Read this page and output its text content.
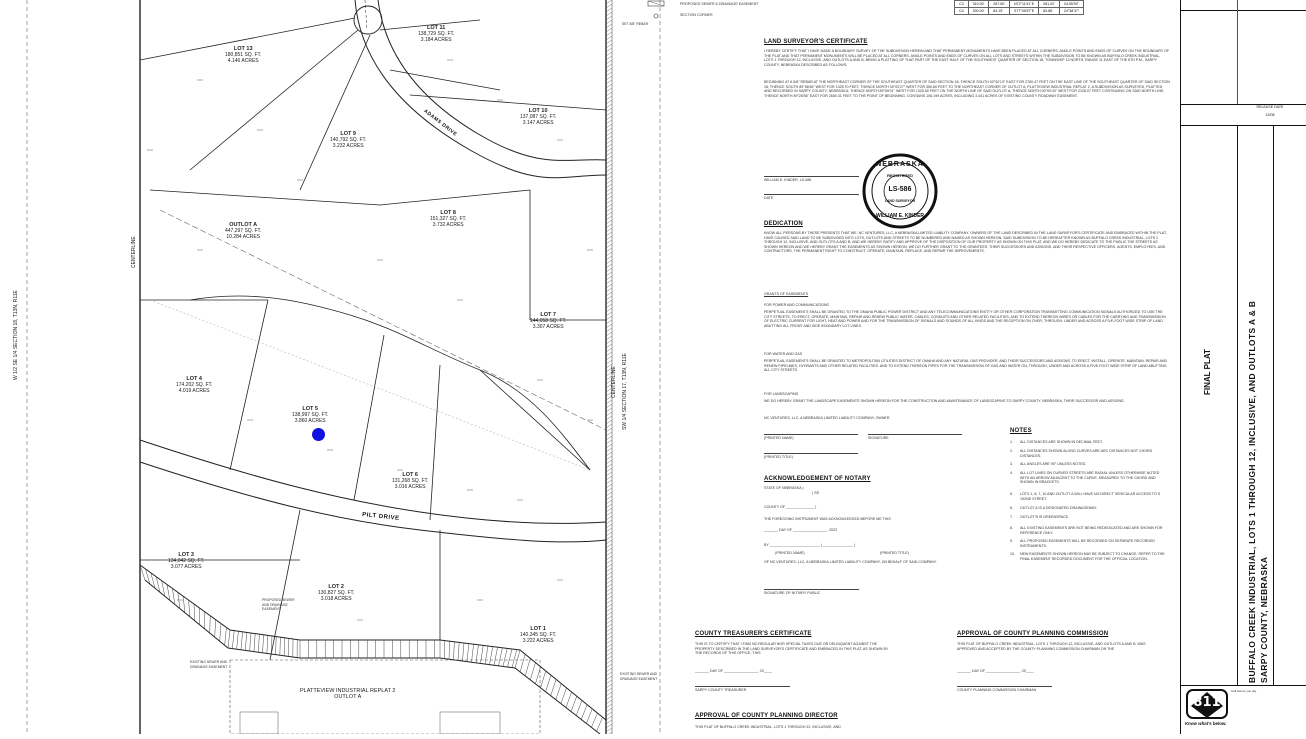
LOT 11
138,729 SQ. FT.
3.184 ACRES
LOT 13
180,851 SQ. FT.
4.146 ACRES
LOT 10
137,087 SQ. FT.
3.147 ACRES
LOT 9
140,792 SQ. FT.
3.232 ACRES
OUTLOT A
447,297 SQ. FT.
10.284 ACRES
LOT 8
151,327 SQ. FT.
3.732 ACRES
LOT 7
144,058 SQ. FT.
3.307 ACRES
LOT 4
174,202 SQ. FT.
4.019 ACRES
LOT 5
138,997 SQ. FT.
3.860 ACRES
LOT 6
131,268 SQ. FT.
3.016 ACRES
LOT 3
134,042 SQ. FT.
3.077 ACRES
LOT 2
130,827 SQ. FT.
3.018 ACRES
LOT 1
140,345 SQ. FT.
3.222 ACRES
PILT DRIVE
ADAMS DRIVE
PLATTEVIEW INDUSTRIAL REPLAT 2
OUTLOT A
W 1/2 SE 1/4 SECTION 18, T13N, R11E
SW 1/4 SECTION 17, T13N, R11E
CENTERLINE
CENTERLINE
SET 5/8" REBAR
PROPOSED SEWER AND DRAINAGE EASEMENT
EXISTING SEWER AND DRAINAGE EASEMENT
EXISTING SEWER AND DRAINAGE EASEMENT
PROPOSED SEWER & DRAINAGE EASEMENT
SECTION CORNER
C3	310.00'	287.60'	N72°11'41"E	281.02'	24.55'39"
C4	300.00'	84.15'	S77°06'57"E	83.88'	24°38'37"
LAND SURVEYOR'S CERTIFICATE
I HEREBY CERTIFY THAT I HAVE MADE A BOUNDARY SURVEY OF THE SUBDIVISION HEREIN AND THAT PERMANENT MONUMENTS HAVE BEEN PLACED AT ALL CORNERS, ANGLE POINTS AND ENDS OF CURVES ON THE BOUNDARY OF THE PLAT AND THAT PERMANENT MONUMENTS WILL BE PLACED AT ALL CORNERS, ANGLE POINTS AND ENDS OF CURVES ON ALL LOTS AND STREETS WITHIN THE SUBDIVISION TO BE KNOWN AS BUFFALO CREEK INDUSTRIAL, LOTS 1 THROUGH 12, INCLUSIVE, AND OUTLOTS A AND B, BEING A PLATTING OF THAT PART OF THE EAST HALF OF THE SOUTHWEST QUARTER OF SECTION 18, TOWNSHIP 13 NORTH, RANGE 11 EAST OF THE 6TH P.M., SARPY COUNTY, NEBRASKA DESCRIBED AS FOLLOWS:
BEGINNING AT A 5/8" REBAR AT THE NORTHEAST CORNER OF THE SOUTHEAST QUARTER OF SAID SECTION 18; THENCE SOUTH 00°00'13" EAST FOR 2780.47 FEET ON THE EAST LINE OF THE SOUTHEAST QUARTER OF SAID SECTION 18; THENCE SOUTH 89°58'46" WEST FOR 1325.70 FEET; THENCE NORTH 00°00'27" WEST FOR 350.80 FEET TO THE NORTHEAST CORNER OF OUTLOT A, PLATTEVIEW INDUSTRIAL REPLAT 2, A SUBDIVISION AS SURVEYED, PLATTED AND RECORDED IN SARPY COUNTY, NEBRASKA; THENCE NORTH 89°59'01" WEST FOR 1325.60 FEET ON THE NORTH LINE OF SAID OUTLOT A; THENCE NORTH 00°00'43" WEST FOR 2128.07 FEET CONTINUING ON SAID NORTH LINE; THENCE NORTH 89°28'56" EAST FOR 2650.31 FEET TO THE POINT OF BEGINNING. CONTAINS 106.199 ACRES, INCLUDING 3.441 ACRES OF EXISTING COUNTY ROADWAY EASEMENT.
WILLIAM E. KINDER, LS-586
DATE
NEBRASKA
REGISTERED
LS-586
LAND SURVEYOR
WILLIAM E. KINDER
DEDICATION
KNOW ALL PERSONS BY THESE PRESENTS THAT WE, NC VENTURES, LLC, A NEBRASKA LIMITED LIABILITY COMPANY, OWNERS OF THE LAND DESCRIBED IN THE LAND SURVEYOR'S CERTIFICATE AND EMBRACED WITHIN THE PLAT, HAVE CAUSED SAID LAND TO BE SUBDIVIDED INTO LOTS, OUTLOTS AND STREETS TO BE NUMBERED AND NAMED AS SHOWN HEREON, SAID SUBDIVISION TO BE HEREAFTER KNOWN AS BUFFALO CREEK INDUSTRIAL, LOTS 1 THROUGH 12, INCLUSIVE, AND OUTLOTS A AND B, AND WE HEREBY RATIFY AND APPROVE OF THE DISPOSITION OF OUR PROPERTY AS SHOWN ON THIS PLAT, AND WE DO HEREBY DEDICATE TO THE PUBLIC THE STREETS AS SHOWN HEREON AND WE HEREBY GRANT THE EASEMENTS AS SHOWN HEREON. WE DO FURTHER GRANT TO THE GRANTEES, THEIR SUCCESSORS AND ASSIGNS, AND THEIR RESPECTIVE OFFICERS, AGENTS, EMPLOYEES, AND CONTRACTORS, THE PERMANENT RIGHT TO CONSTRUCT, OPERATE, MAINTAIN, REPLACE, AND REPAIR THE IMPROVEMENTS.
GRANTS OF EASEMENTS
FOR POWER AND COMMUNICATIONS
PERPETUAL EASEMENTS SHALL BE GRANTED TO THE OMAHA PUBLIC POWER DISTRICT AND ANY TELECOMMUNICATIONS ENTITY OR OTHER CORPORATION TRANSMITTING COMMUNICATION SIGNALS AUTHORIZED TO USE THE CITY STREETS, TO ERECT, OPERATE, MAINTAIN, REPAIR AND RENEW PUBLIC WATER, CABLES, CONDUITS AND OTHER RELATED FACILITIES, AND TO EXTEND THEREON WIRES OR CABLES FOR THE CARRYING AND TRANSMISSION OF ELECTRIC CURRENT FOR LIGHT, HEAT AND POWER AND FOR THE TRANSMISSION OF SIGNALS AND SOUNDS OF ALL KINDS AND THE RECEPTION ON OVER, THROUGH, UNDER AND ACROSS A FIVE-FOOT WIDE STRIP OF LAND ABUTTING ALL FRONT AND SIDE BOUNDARY LOT LINES.
FOR WATER AND GAS
PERPETUAL EASEMENTS SHALL BE GRANTED TO METROPOLITAN UTILITIES DISTRICT OF OMAHA AND ANY NATURAL GAS PROVIDER, AND THEIR SUCCESSORS AND ASSIGNS, TO ERECT, INSTALL, OPERATE, MAINTAIN, REPAIR AND RENEW PIPELINES, HYDRANTS AND OTHER RELATED FACILITIES, AND TO EXTEND THEREON PIPES FOR THE TRANSMISSION OF GAS AND WATER ON, THROUGH, UNDER AND ACROSS A FIVE-FOOT WIDE STRIP OF LAND ABUTTING ALL CITY STREETS.
FOR LANDSCAPING
WE DO HEREBY GRANT THE LANDSCAPE EASEMENTS SHOWN HEREON FOR THE CONSTRUCTION AND MAINTENANCE OF LANDSCAPING TO SARPY COUNTY, NEBRASKA, THEIR SUCCESSOR AND ASSIGNS.
NC VENTURES, LLC, A NEBRASKA LIMITED LIABILITY COMPANY, OWNER
(PRINTED NAME)	SIGNATURE
(PRINTED TITLE)
ACKNOWLEDGEMENT OF NOTARY
STATE OF NEBRASKA )
) SS
COUNTY OF ______________ )
THE FOREGOING INSTRUMENT WAS ACKNOWLEDGED BEFORE ME THIS
_______ DAY OF _________________, 2023
BY _________________________ ( _______________ )
(PRINTED NAME)	(PRINTED TITLE)
OF NC VENTURES, LLC, A NEBRASKA LIMITED LIABILITY COMPANY, ON BEHALF OF SAID COMPANY.
SIGNATURE OF NOTARY PUBLIC
NOTES
1. ALL DISTANCES ARE SHOWN IN DECIMAL FEET.
2. ALL DISTANCES SHOWN ALONG CURVES ARE ARC DISTANCES NOT CHORD DISTANCES.
3. ALL ANGLES ARE 90° UNLESS NOTED.
4. ALL LOT LINES ON CURVED STREETS ARE RADIAL UNLESS OTHERWISE NOTED WITH AN ARROW ADJACENT TO THE CURVE, MEASURED TO THE CHORD AND SHOWN IN BRACKETS.
5. LOTS 1, 6, 7, 10 AND OUTLOT A WILL HAVE NO DIRECT VEHICULAR ACCESS TO S 192ND STREET.
6. OUTLOT A IS A DESIGNATED DRAINAGEWAY.
7. OUTLOT B IS GREENSPACE.
8. ALL EXISTING EASEMENTS ARE NOT BEING REDEDICATED AND ARE SHOWN FOR REFERENCE ONLY.
9. ALL PROPOSED EASEMENTS WILL BE RECORDED ON SEPARATE RECORDED INSTRUMENTS.
10. NEW EASEMENTS SHOWN HEREON MAY BE SUBJECT TO CHANGE. REFER TO THE FINAL EASEMENT RECORDED DOCUMENT FOR THE OFFICIAL LOCATION.
COUNTY TREASURER'S CERTIFICATE
THIS IS TO CERTIFY THAT I FIND NO REGULAR NOR SPECIAL TAXES DUE OR DELINQUENT AGAINST THE PROPERTY DESCRIBED IN THE LAND SURVEYOR'S CERTIFICATE AND EMBRACED IN THIS PLAT, AS SHOWN BY THE RECORDS OF THIS OFFICE, THIS
_______ DAY OF _________________, 20____
SARPY COUNTY TREASURER
APPROVAL OF COUNTY PLANNING COMMISSION
THIS PLAT OF BUFFALO CREEK INDUSTRIAL, LOTS 1 THROUGH 12, INCLUSIVE, AND OUTLOTS A AND B, WAS APPROVED AND ACCEPTED BY THE COUNTY PLANNING COMMISSION CHAIRMAN ON THE
_______ DAY OF _________________, 20____
COUNTY PLANNING COMMISSION CHAIRMAN
APPROVAL OF COUNTY PLANNING DIRECTOR
THIS PLAT OF BUFFALO CREEK INDUSTRIAL, LOTS 1 THROUGH 12, INCLUSIVE, AND
RELEASE DATE
12/08
FINAL PLAT	BUFFALO CREEK INDUSTRIAL, LOTS 1 THROUGH 12, INCLUSIVE, AND OUTLOTS A & B SARPY COUNTY, NEBRASKA
811
Know what's below.
Call before you dig.
